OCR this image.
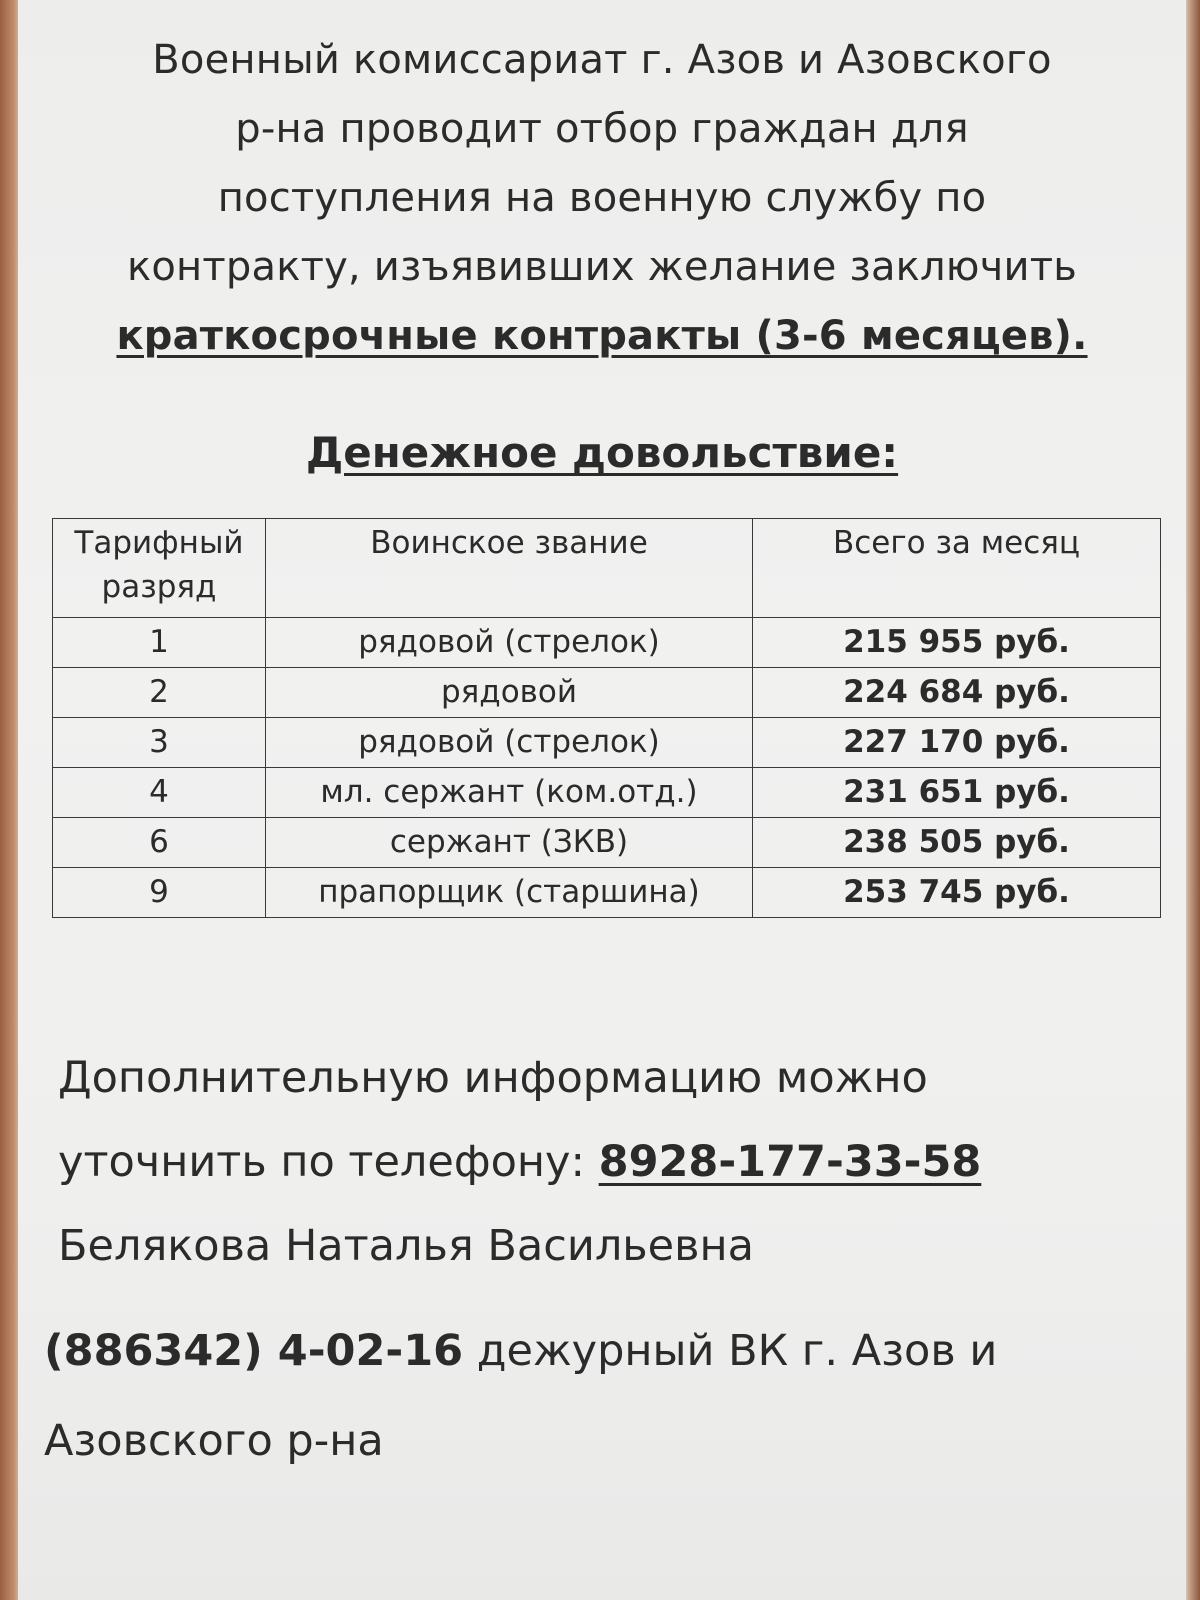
Военный комиссариат г. Азов и Азовского
р-на проводит отбор граждан для
поступления на военную службу по
контракту, изъявивших желание заключить
краткосрочные контракты (3-6 месяцев).
Денежное довольствие:
Тарифный
разряд	Воинское звание	Всего за месяц
1	рядовой (стрелок)	215 955 руб.
2	рядовой	224 684 руб.
3	рядовой (стрелок)	227 170 руб.
4	мл. сержант (ком.отд.)	231 651 руб.
6	сержант (ЗКВ)	238 505 руб.
9	прапорщик (старшина)	253 745 руб.
Дополнительную информацию можно
уточнить по телефону: 8928-177-33-58
Белякова Наталья Васильевна
(886342) 4-02-16 дежурный ВК г. Азов и
Азовского р-на
